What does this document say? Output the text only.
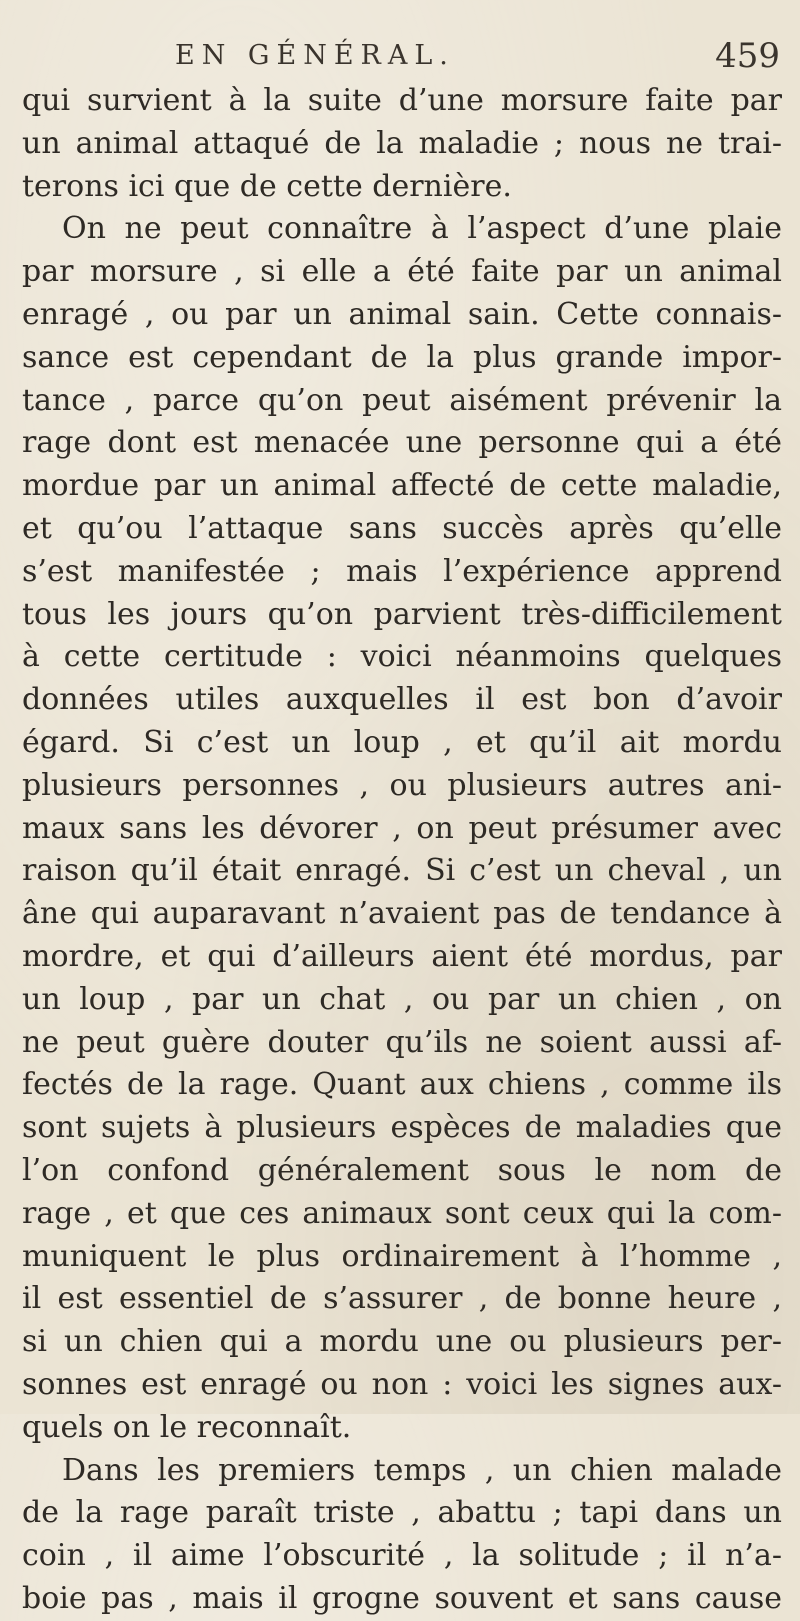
EN GÉNÉRAL.	459
qui survient à la suite d’une morsure faite par
un animal attaqué de la maladie ; nous ne trai-
terons ici que de cette dernière.
On ne peut connaître à l’aspect d’une plaie
par morsure , si elle a été faite par un animal
enragé , ou par un animal sain. Cette connais-
sance est cependant de la plus grande impor-
tance , parce qu’on peut aisément prévenir la
rage dont est menacée une personne qui a été
mordue par un animal affecté de cette maladie,
et qu’ou l’attaque sans succès après qu’elle
s’est manifestée ; mais l’expérience apprend
tous les jours qu’on parvient très-difficilement
à cette certitude : voici néanmoins quelques
données utiles auxquelles il est bon d’avoir
égard. Si c’est un loup , et qu’il ait mordu
plusieurs personnes , ou plusieurs autres ani-
maux sans les dévorer , on peut présumer avec
raison qu’il était enragé. Si c’est un cheval , un
âne qui auparavant n’avaient pas de tendance à
mordre, et qui d’ailleurs aient été mordus, par
un loup , par un chat , ou par un chien , on
ne peut guère douter qu’ils ne soient aussi af-
fectés de la rage. Quant aux chiens , comme ils
sont sujets à plusieurs espèces de maladies que
l’on confond généralement sous le nom de
rage , et que ces animaux sont ceux qui la com-
muniquent le plus ordinairement à l’homme ,
il est essentiel de s’assurer , de bonne heure ,
si un chien qui a mordu une ou plusieurs per-
sonnes est enragé ou non : voici les signes aux-
quels on le reconnaît.
Dans les premiers temps , un chien malade
de la rage paraît triste , abattu ; tapi dans un
coin , il aime l’obscurité , la solitude ; il n’a-
boie pas , mais il grogne souvent et sans cause
